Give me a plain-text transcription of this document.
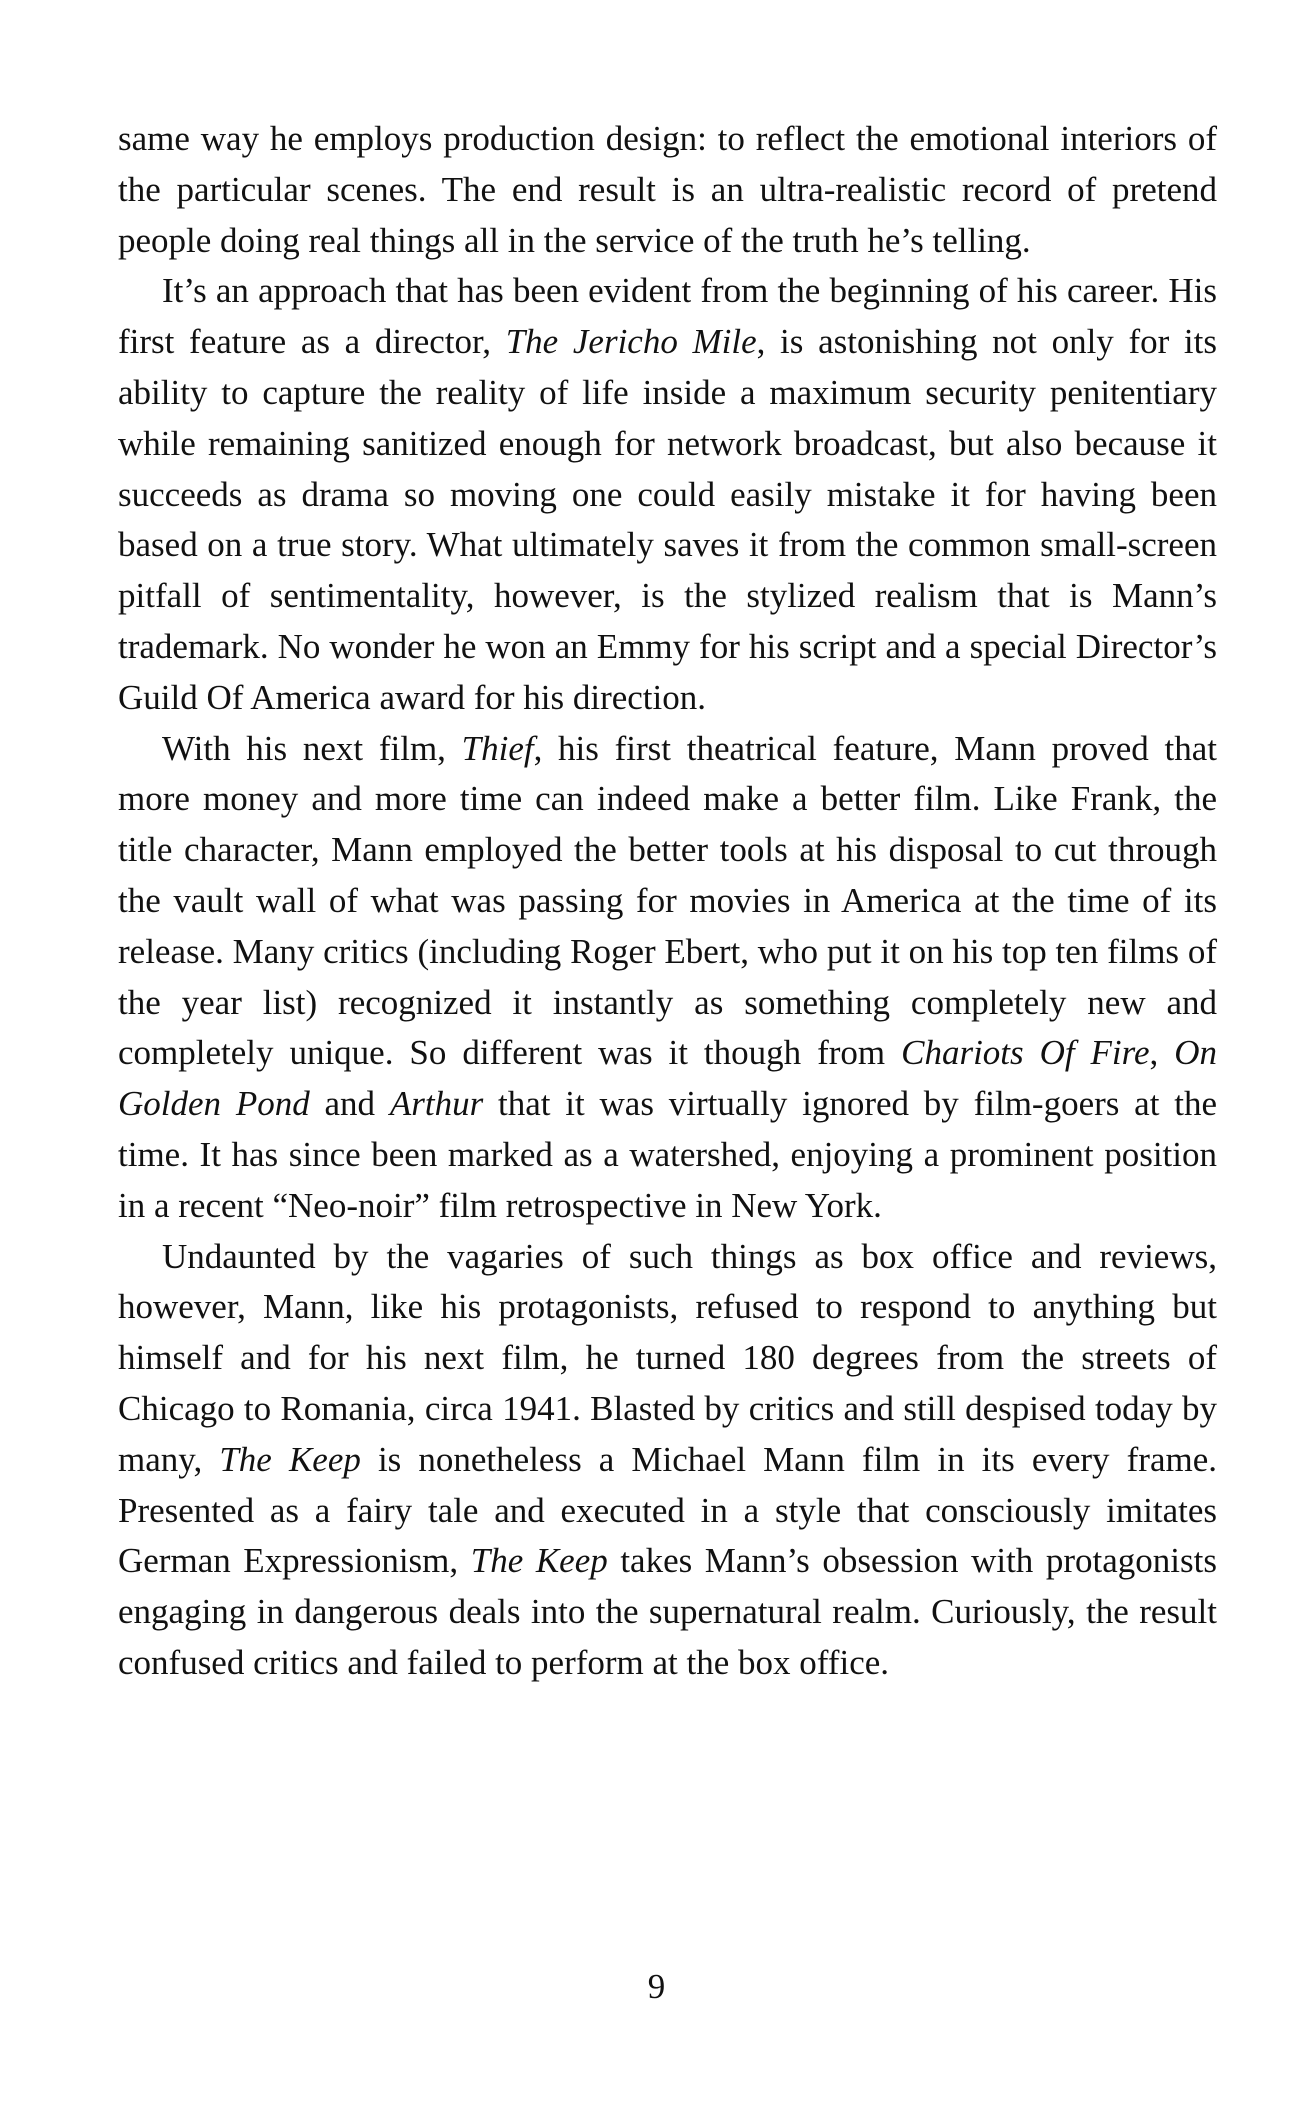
same way he employs production design: to reflect the emotional interiors of the particular scenes. The end result is an ultra-realistic record of pretend people doing real things all in the service of the truth he’s telling.

It’s an approach that has been evident from the beginning of his career. His first feature as a director, The Jericho Mile, is astonishing not only for its ability to capture the reality of life inside a maximum security penitentiary while remaining sanitized enough for network broadcast, but also because it succeeds as drama so moving one could easily mistake it for having been based on a true story. What ultimately saves it from the common small-screen pitfall of sentimentality, however, is the stylized realism that is Mann’s trademark. No wonder he won an Emmy for his script and a special Director’s Guild Of America award for his direction.

With his next film, Thief, his first theatrical feature, Mann proved that more money and more time can indeed make a better film. Like Frank, the title character, Mann employed the better tools at his disposal to cut through the vault wall of what was passing for movies in America at the time of its release. Many critics (including Roger Ebert, who put it on his top ten films of the year list) recognized it instantly as something completely new and completely unique. So different was it though from Chariots Of Fire, On Golden Pond and Arthur that it was virtually ignored by film-goers at the time. It has since been marked as a watershed, enjoying a prominent position in a recent “Neo-noir” film retrospective in New York.

Undaunted by the vagaries of such things as box office and reviews, however, Mann, like his protagonists, refused to respond to anything but himself and for his next film, he turned 180 degrees from the streets of Chicago to Romania, circa 1941. Blasted by critics and still despised today by many, The Keep is nonetheless a Michael Mann film in its every frame. Presented as a fairy tale and executed in a style that consciously imitates German Expressionism, The Keep takes Mann’s obsession with protagonists engaging in dangerous deals into the supernatural realm. Curiously, the result confused critics and failed to perform at the box office.

9
